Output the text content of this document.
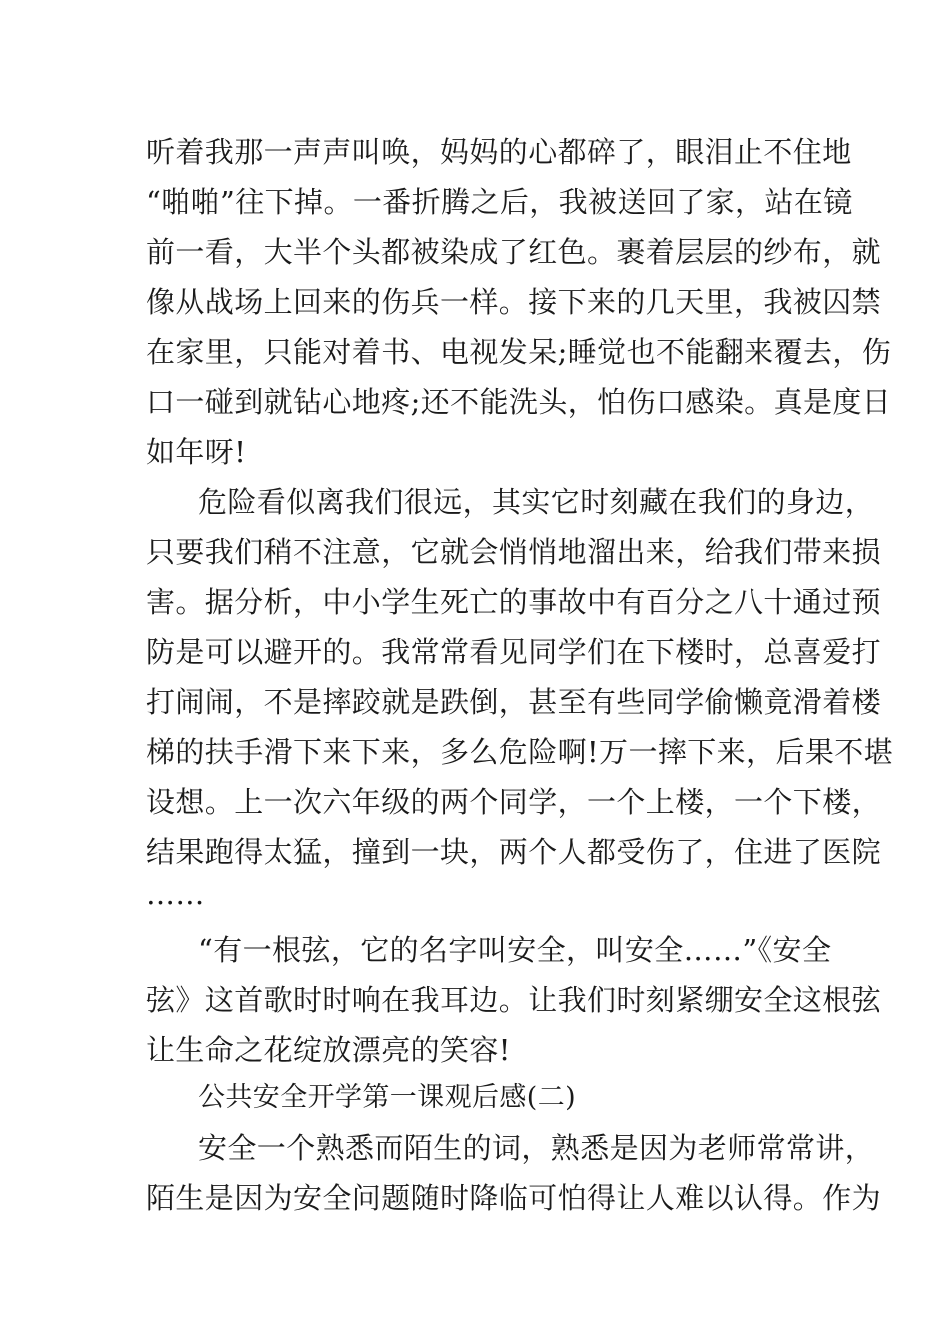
听着我那一声声叫唤，妈妈的心都碎了，眼泪止不住地
“啪啪”往下掉。一番折腾之后，我被送回了家，站在镜
前一看，大半个头都被染成了红色。裹着层层的纱布，就
像从战场上回来的伤兵一样。接下来的几天里，我被囚禁
在家里，只能对着书、电视发呆;睡觉也不能翻来覆去，伤
口一碰到就钻心地疼;还不能洗头，怕伤口感染。真是度日
如年呀!
危险看似离我们很远，其实它时刻藏在我们的身边，
只要我们稍不注意，它就会悄悄地溜出来，给我们带来损
害。据分析，中小学生死亡的事故中有百分之八十通过预
防是可以避开的。我常常看见同学们在下楼时，总喜爱打
打闹闹，不是摔跤就是跌倒，甚至有些同学偷懒竟滑着楼
梯的扶手滑下来下来，多么危险啊!万一摔下来，后果不堪
设想。上一次六年级的两个同学，一个上楼，一个下楼，
结果跑得太猛，撞到一块，两个人都受伤了，住进了医院
……
“有一根弦，它的名字叫安全，叫安全……”《安全
弦》这首歌时时响在我耳边。让我们时刻紧绷安全这根弦
让生命之花绽放漂亮的笑容!
公共安全开学第一课观后感(二)
安全一个熟悉而陌生的词，熟悉是因为老师常常讲，
陌生是因为安全问题随时降临可怕得让人难以认得。作为
